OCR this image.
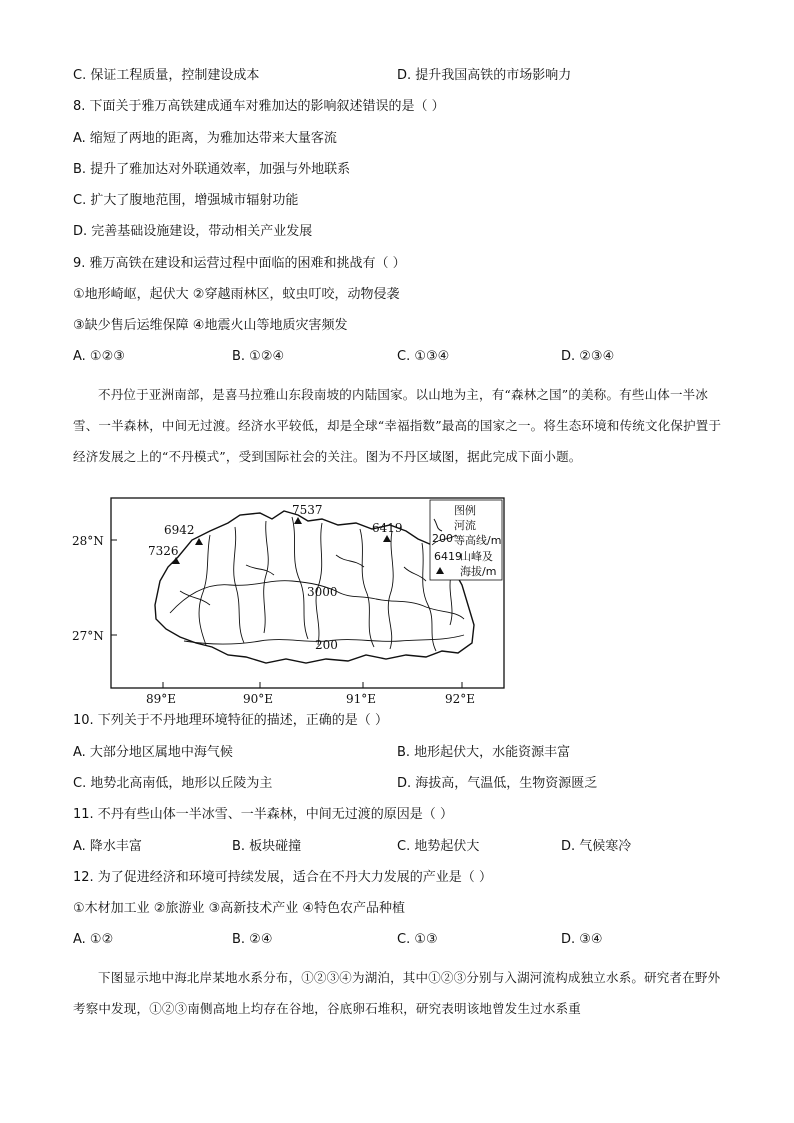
C. 保证工程质量，控制建设成本	D. 提升我国高铁的市场影响力
8. 下面关于雅万高铁建成通车对雅加达的影响叙述错误的是（ ）
A. 缩短了两地的距离，为雅加达带来大量客流
B. 提升了雅加达对外联通效率，加强与外地联系
C. 扩大了腹地范围，增强城市辐射功能
D. 完善基础设施建设，带动相关产业发展
9. 雅万高铁在建设和运营过程中面临的困难和挑战有（ ）
①地形崎岖，起伏大 ②穿越雨林区，蚊虫叮咬，动物侵袭
③缺少售后运维保障 ④地震火山等地质灾害频发
A. ①②③	B. ①②④	C. ①③④	D. ②③④

不丹位于亚洲南部，是喜马拉雅山东段南坡的内陆国家。以山地为主，有“森林之国”的美称。有些山体一半冰雪、一半森林，中间无过渡。经济水平较低，却是全球“幸福指数”最高的国家之一。将生态环境和传统文化保护置于经济发展之上的“不丹模式”，受到国际社会的关注。图为不丹区域图，据此完成下面小题。

7537
6942
7326
6419
3000
200
28°N
27°N
89°E	90°E	91°E	92°E
图例
河流
200 等高线/m
6419
山峰及
海拔/m
10. 下列关于不丹地理环境特征的描述，正确的是（ ）
A. 大部分地区属地中海气候	B. 地形起伏大，水能资源丰富
C. 地势北高南低，地形以丘陵为主	D. 海拔高，气温低，生物资源匮乏
11. 不丹有些山体一半冰雪、一半森林，中间无过渡的原因是（ ）
A. 降水丰富	B. 板块碰撞	C. 地势起伏大	D. 气候寒冷
12. 为了促进经济和环境可持续发展，适合在不丹大力发展的产业是（ ）
①木材加工业 ②旅游业 ③高新技术产业 ④特色农产品种植
A. ①②	B. ②④	C. ①③	D. ③④

下图显示地中海北岸某地水系分布，①②③④为湖泊，其中①②③分别与入湖河流构成独立水系。研究者在野外考察中发现，①②③南侧高地上均存在谷地，谷底卵石堆积，研究表明该地曾发生过水系重
